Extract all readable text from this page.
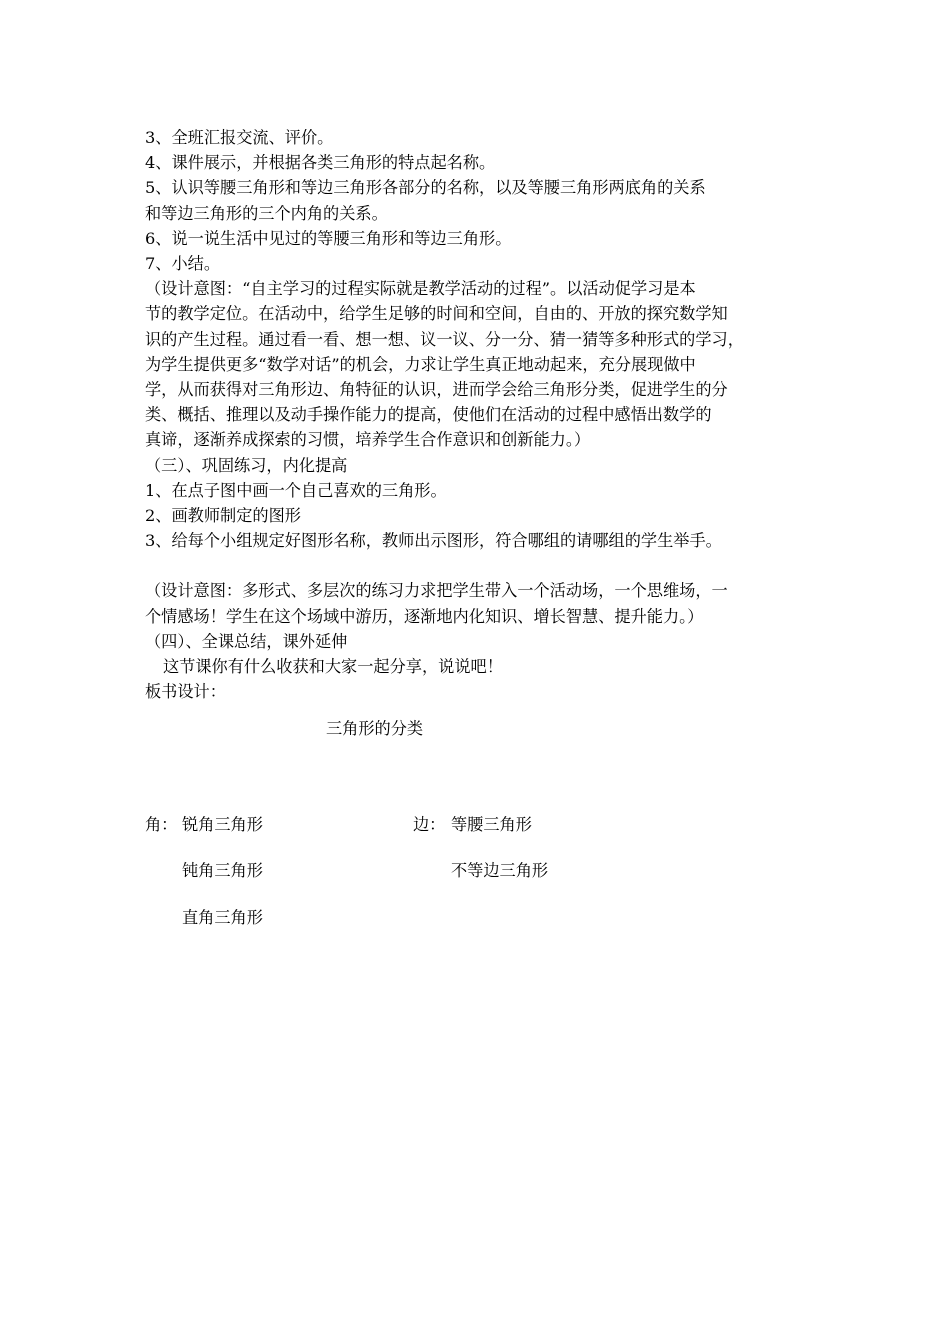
3、全班汇报交流、评价。

4、课件展示，并根据各类三角形的特点起名称。

5、认识等腰三角形和等边三角形各部分的名称，以及等腰三角形两底角的关系

和等边三角形的三个内角的关系。

6、说一说生活中见过的等腰三角形和等边三角形。

7、小结。

（设计意图：“自主学习的过程实际就是教学活动的过程”。以活动促学习是本

节的教学定位。在活动中，给学生足够的时间和空间，自由的、开放的探究数学知

识的产生过程。通过看一看、想一想、议一议、分一分、猜一猜等多种形式的学习，

为学生提供更多“数学对话”的机会，力求让学生真正地动起来，充分展现做中

学，从而获得对三角形边、角特征的认识，进而学会给三角形分类，促进学生的分

类、概括、推理以及动手操作能力的提高，使他们在活动的过程中感悟出数学的

真谛，逐渐养成探索的习惯，培养学生合作意识和创新能力。）

（三）、巩固练习，内化提高

1、在点子图中画一个自己喜欢的三角形。

2、画教师制定的图形

3、给每个小组规定好图形名称，教师出示图形，符合哪组的请哪组的学生举手。

（设计意图：多形式、多层次的练习力求把学生带入一个活动场，一个思维场，一

个情感场！学生在这个场域中游历，逐渐地内化知识、增长智慧、提升能力。）

（四）、全课总结，课外延伸

这节课你有什么收获和大家一起分享，说说吧！

板书设计：

三角形的分类
角： 锐角三角形
钝角三角形
直角三角形
边： 等腰三角形
不等边三角形
